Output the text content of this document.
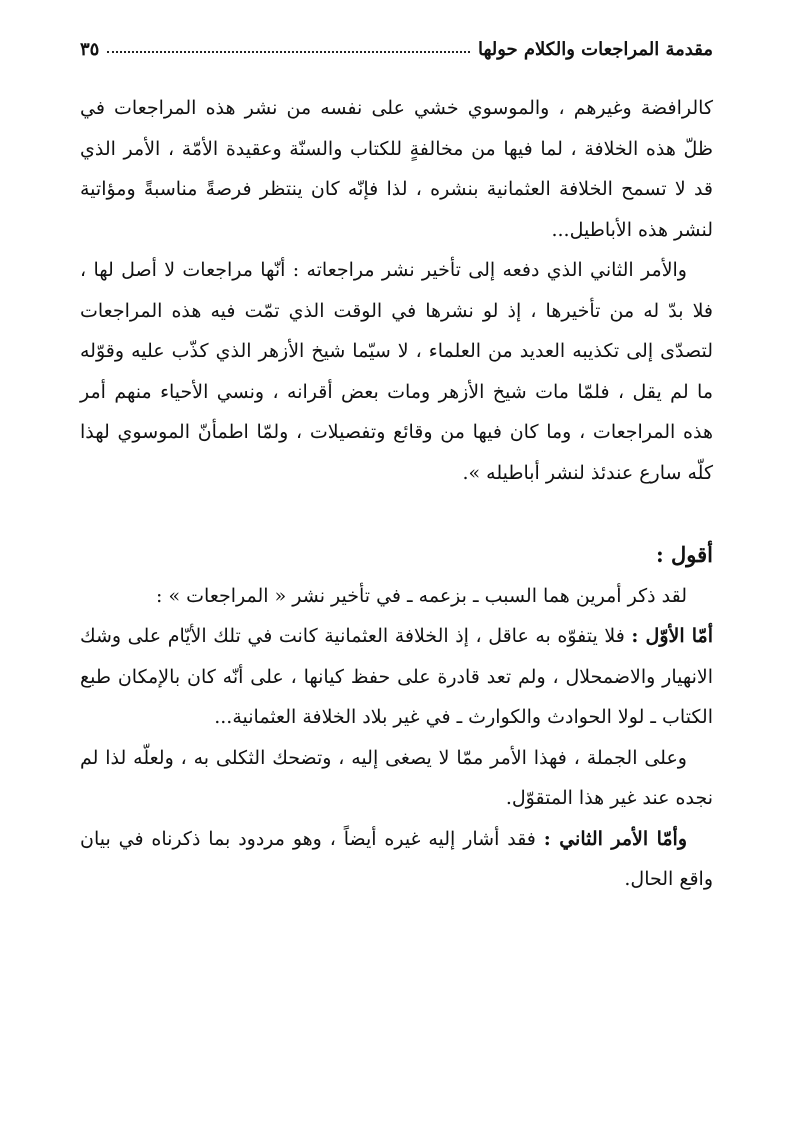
مقدمة المراجعات والكلام حولها
٣٥

كالرافضة وغيرهم ، والموسوي خشي على نفسه من نشر هذه المراجعات في ظلّ هذه الخلافة ، لما فيها من مخالفةٍ للكتاب والسنّة وعقيدة الأمّة ، الأمر الذي قد لا تسمح الخلافة العثمانية بنشره ، لذا فإنّه كان ينتظر فرصةً مناسبةً ومؤاتية لنشر هذه الأباطيل...

والأمر الثاني الذي دفعه إلى تأخير نشر مراجعاته : أنّها مراجعات لا أصل لها ، فلا بدّ له من تأخيرها ، إذ لو نشرها في الوقت الذي تمّت فيه هذه المراجعات لتصدّى إلى تكذيبه العديد من العلماء ، لا سيّما شيخ الأزهر الذي كذّب عليه وقوّله ما لم يقل ، فلمّا مات شيخ الأزهر ومات بعض أقرانه ، ونسي الأحياء منهم أمر هذه المراجعات ، وما كان فيها من وقائع وتفصيلات ، ولمّا اطمأنّ الموسوي لهذا كلّه سارع عندئذ لنشر أباطيله ».

أقول :

لقد ذكر أمرين هما السبب ـ بزعمه ـ في تأخير نشر « المراجعات » :

أمّا الأوّل : فلا يتفوّه به عاقل ، إذ الخلافة العثمانية كانت في تلك الأيّام على وشك الانهيار والاضمحلال ، ولم تعد قادرة على حفظ كيانها ، على أنّه كان بالإمكان طبع الكتاب ـ لولا الحوادث والكوارث ـ في غير بلاد الخلافة العثمانية...

وعلى الجملة ، فهذا الأمر ممّا لا يصغى إليه ، وتضحك الثكلى به ، ولعلّه لذا لم نجده عند غير هذا المتقوّل.

وأمّا الأمر الثاني : فقد أشار إليه غيره أيضاً ، وهو مردود بما ذكرناه في بيان واقع الحال.
